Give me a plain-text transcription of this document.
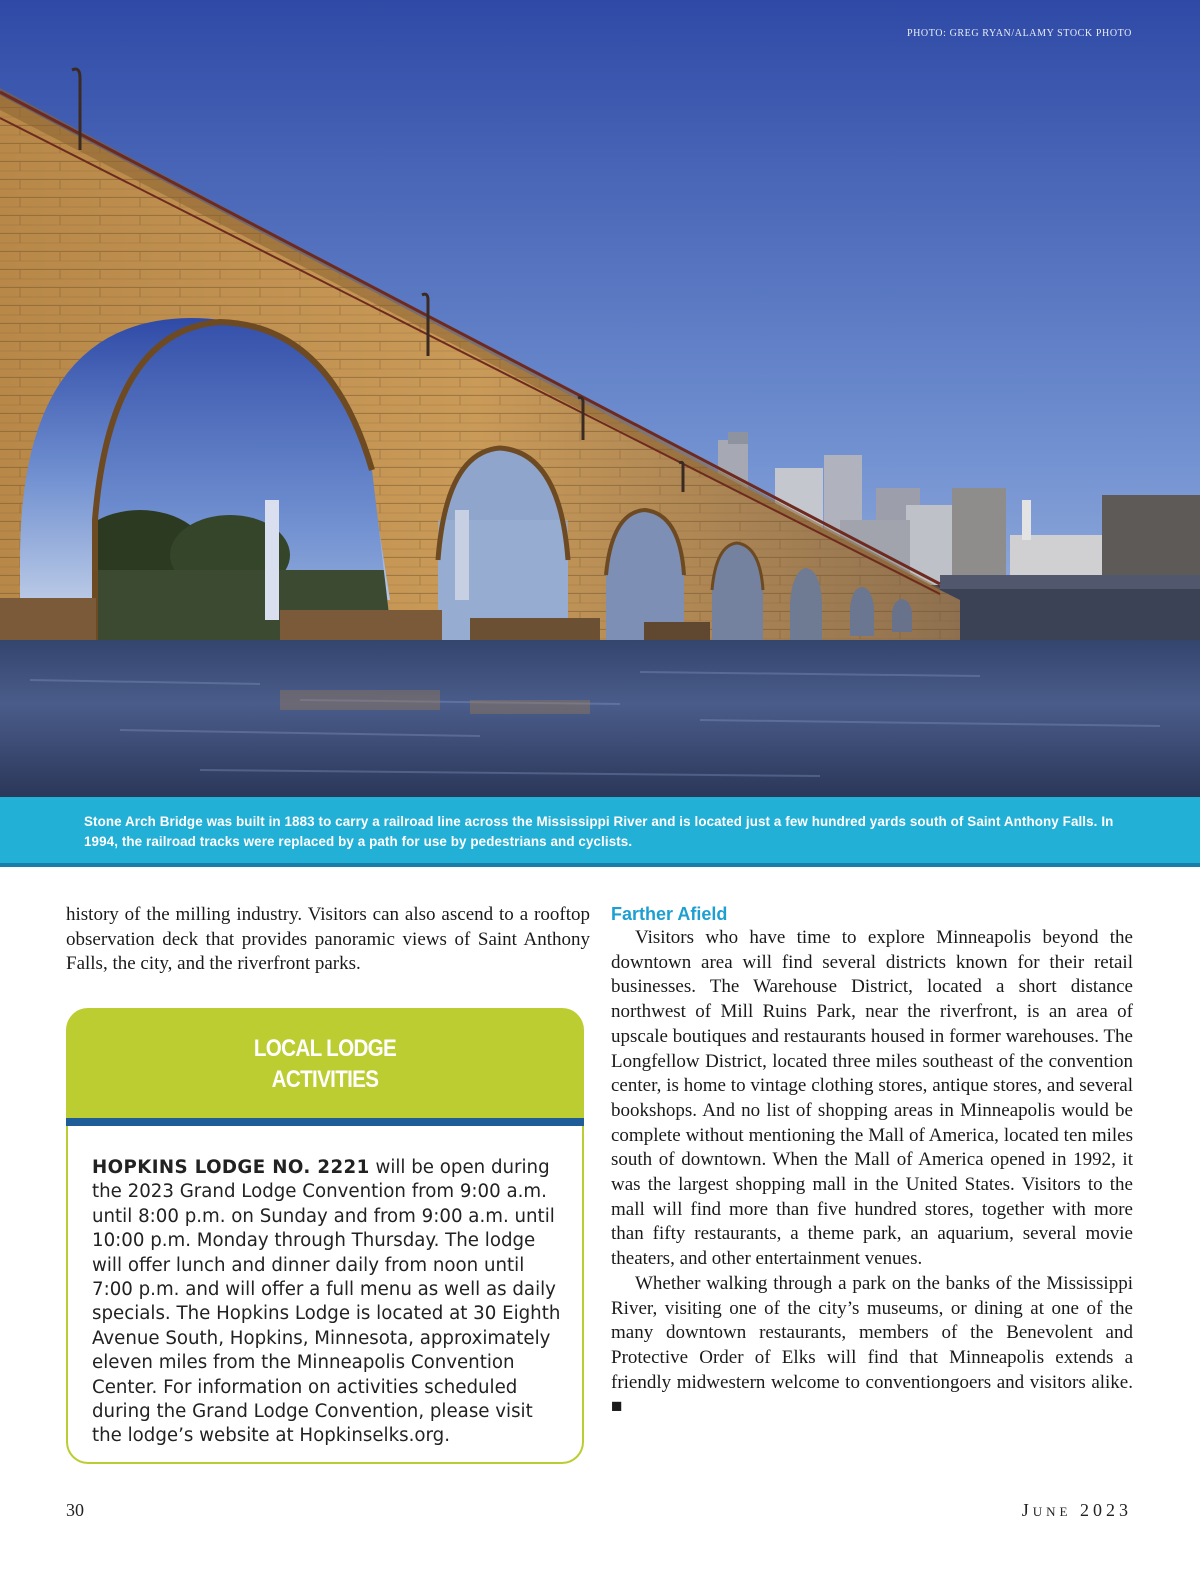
PHOTO: GREG RYAN/ALAMY STOCK PHOTO

Stone Arch Bridge was built in 1883 to carry a railroad line across the Mississippi River and is located just a few hundred yards south of Saint Anthony Falls. In 1994, the railroad tracks were replaced by a path for use by pedestrians and cyclists.

history of the milling industry. Visitors can also ascend to a rooftop observation deck that provides panoramic views of Saint Anthony Falls, the city, and the riverfront parks.

LOCAL LODGE
ACTIVITIES

HOPKINS LODGE NO. 2221 will be open during the 2023 Grand Lodge Convention from 9:00 a.m. until 8:00 p.m. on Sunday and from 9:00 a.m. until 10:00 p.m. Monday through Thursday. The lodge will offer lunch and dinner daily from noon until 7:00 p.m. and will offer a full menu as well as daily specials. The Hopkins Lodge is located at 30 Eighth Avenue South, Hopkins, Minnesota, approximately eleven miles from the Minneapolis Convention Center. For information on activities scheduled during the Grand Lodge Convention, please visit the lodge’s website at Hopkinselks.org.

Farther Afield

Visitors who have time to explore Minneapolis beyond the downtown area will find several districts known for their retail businesses. The Warehouse District, located a short distance northwest of Mill Ruins Park, near the riverfront, is an area of upscale boutiques and restaurants housed in former warehouses. The Longfellow District, located three miles southeast of the convention center, is home to vintage clothing stores, antique stores, and several bookshops. And no list of shopping areas in Minneapolis would be complete without mentioning the Mall of America, located ten miles south of downtown. When the Mall of America opened in 1992, it was the largest shopping mall in the United States. Visitors to the mall will find more than five hundred stores, together with more than fifty restaurants, a theme park, an aquarium, several movie theaters, and other entertainment venues.

Whether walking through a park on the banks of the Mississippi River, visiting one of the city’s museums, or dining at one of the many downtown restaurants, members of the Benevolent and Protective Order of Elks will find that Minneapolis extends a friendly midwestern welcome to conventiongoers and visitors alike. ■

30	JUNE 2023
